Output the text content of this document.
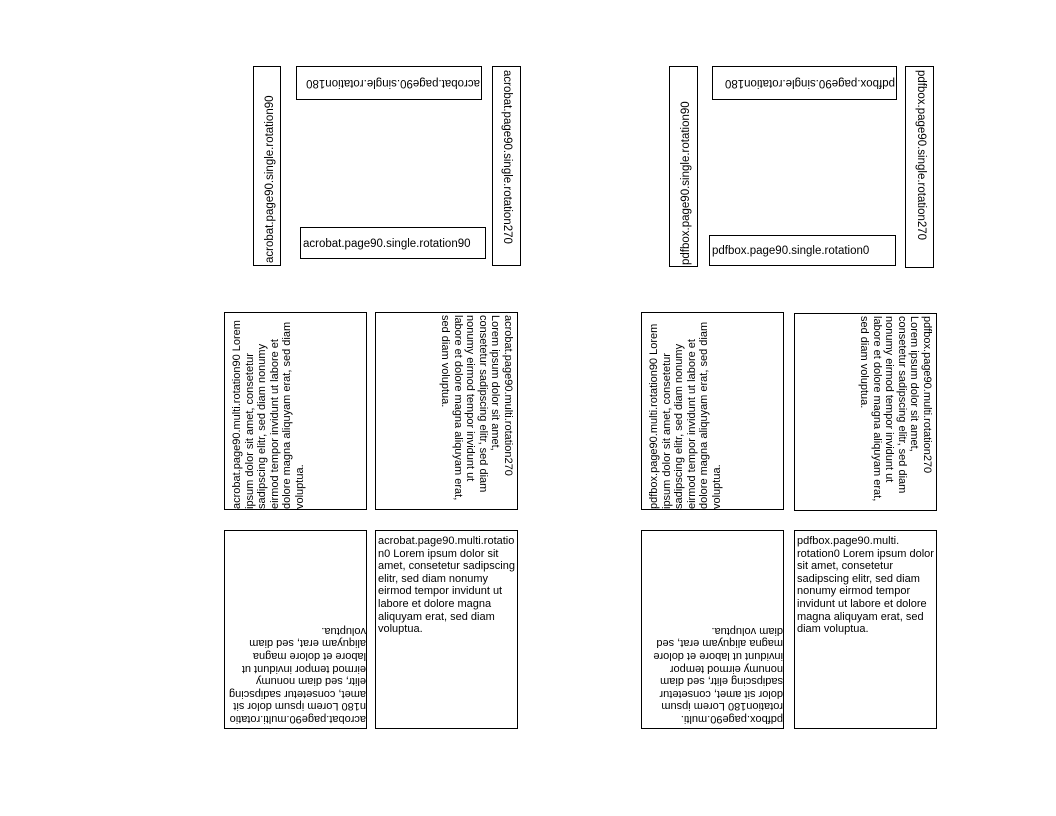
acrobat.page90.single.rotation90
acrobat.page90.single.rotation180 acrobat.page90.single.rotation270
acrobat.page90.single.rotation90	pdfbox.page90.single.rotation90
pdfbox.page90.single.rotation180 pdfbox.page90.single.rotation270
pdfbox.page90.single.rotation0
acrobat.page90.multi.rotation90 Lorem ipsum dolor sit amet, consetetur sadipscing elitr, sed diam nonumy eirmod tempor invidunt ut labore et dolore magna aliquyam erat, sed diam voluptua.
acrobat.page90.multi.rotation270 Lorem ipsum dolor sit amet, consetetur sadipscing elitr, sed diam nonumy eirmod tempor invidunt ut labore et dolore magna aliquyam erat, sed diam voluptua.
acrobat.page90.multi.rotation180 Lorem ipsum dolor sit amet, consetetur sadipscing elitr, sed diam nonumy eirmod tempor invidunt ut labore et dolore magna aliquyam erat, sed diam voluptua.
acrobat.page90.multi.rotation0 Lorem ipsum dolor sit amet, consetetur sadipscing elitr, sed diam nonumy eirmod tempor invidunt ut labore et dolore magna aliquyam erat, sed diam voluptua.
pdfbox.page90.multi.rotation90 Lorem ipsum dolor sit amet, consetetur sadipscing elitr, sed diam nonumy eirmod tempor invidunt ut labore et dolore magna aliquyam erat, sed diam voluptua.
pdfbox.page90.multi.rotation270 Lorem ipsum dolor sit amet, consetetur sadipscing elitr, sed diam nonumy eirmod tempor invidunt ut labore et dolore magna aliquyam erat, sed diam voluptua.
pdfbox.page90.multi. rotation180 Lorem ipsum dolor sit amet, consetetur sadipscing elitr, sed diam nonumy eirmod tempor invidunt ut labore et dolore magna aliquyam erat, sed diam voluptua.
pdfbox.page90.multi. rotation0 Lorem ipsum dolor sit amet, consetetur sadipscing elitr, sed diam nonumy eirmod tempor invidunt ut labore et dolore magna aliquyam erat, sed diam voluptua.
